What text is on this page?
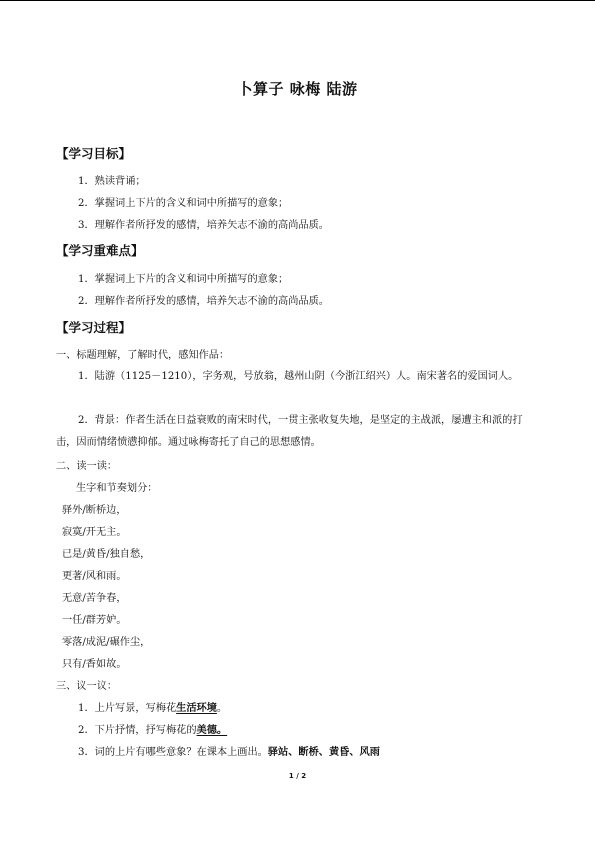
卜算子 咏梅 陆游
【学习目标】
1．熟读背诵；
2．掌握词上下片的含义和词中所描写的意象；
3．理解作者所抒发的感情，培养矢志不渝的高尚品质。
【学习重难点】
1．掌握词上下片的含义和词中所描写的意象；
2．理解作者所抒发的感情，培养矢志不渝的高尚品质。
【学习过程】
一、标题理解，了解时代，感知作品：
1．陆游（1125－1210），字务观，号放翁，越州山阴（今浙江绍兴）人。南宋著名的爱国词人。
2．背景：作者生活在日益衰败的南宋时代，一贯主张收复失地，是坚定的主战派，屡遭主和派的打击，因而情绪愤懑抑郁。通过咏梅寄托了自己的思想感情。
二、读一读：
生字和节奏划分：
驿外/断桥边，
寂寞/开无主。
已是/黄昏/独自愁，
更著/风和雨。
无意/苦争春，
一任/群芳妒。
零落/成泥/碾作尘，
只有/香如故。
三、议一议：
1．上片写景，写梅花生活环境。
2．下片抒情，抒写梅花的美德。
3．词的上片有哪些意象？在课本上画出。驿站、断桥、黄昏、风雨
1 / 2
